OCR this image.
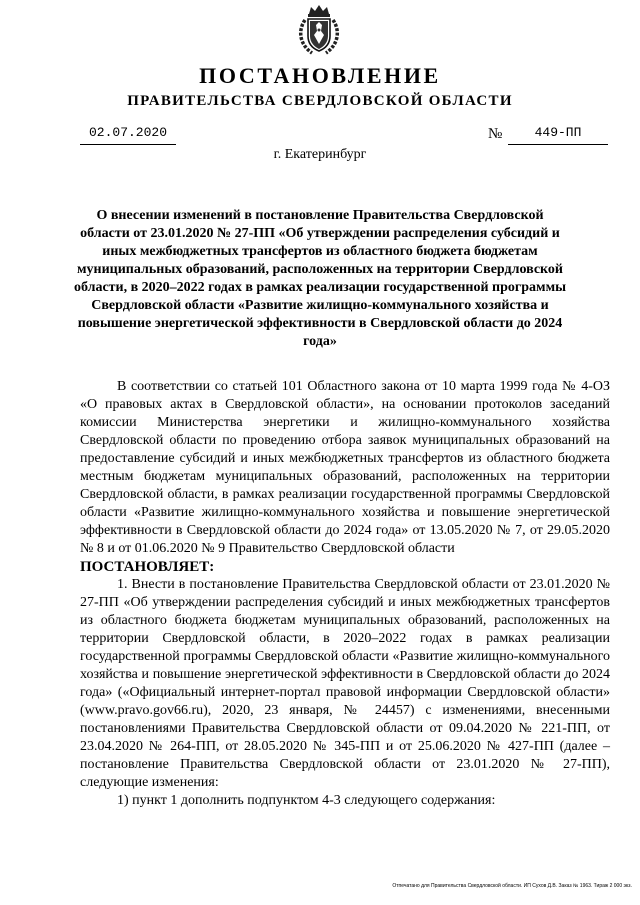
ПОСТАНОВЛЕНИЕ
ПРАВИТЕЛЬСТВА СВЕРДЛОВСКОЙ ОБЛАСТИ
02.07.2020	№	449-ПП
г. Екатеринбург
О внесении изменений в постановление Правительства Свердловской области от 23.01.2020 № 27-ПП «Об утверждении распределения субсидий и иных межбюджетных трансфертов из областного бюджета бюджетам муниципальных образований, расположенных на территории Свердловской области, в 2020–2022 годах в рамках реализации государственной программы Свердловской области «Развитие жилищно-коммунального хозяйства и повышение энергетической эффективности в Свердловской области до 2024 года»

В соответствии со статьей 101 Областного закона от 10 марта 1999 года № 4-ОЗ «О правовых актах в Свердловской области», на основании протоколов заседаний комиссии Министерства энергетики и жилищно-коммунального хозяйства Свердловской области по проведению отбора заявок муниципальных образований на предоставление субсидий и иных межбюджетных трансфертов из областного бюджета местным бюджетам муниципальных образований, расположенных на территории Свердловской области, в рамках реализации государственной программы Свердловской области «Развитие жилищно-коммунального хозяйства и повышение энергетической эффективности в Свердловской области до 2024 года» от 13.05.2020 № 7, от 29.05.2020 № 8 и от 01.06.2020 № 9 Правительство Свердловской области

ПОСТАНОВЛЯЕТ:

1. Внести в постановление Правительства Свердловской области от 23.01.2020 № 27-ПП «Об утверждении распределения субсидий и иных межбюджетных трансфертов из областного бюджета бюджетам муниципальных образований, расположенных на территории Свердловской области, в 2020–2022 годах в рамках реализации государственной программы Свердловской области «Развитие жилищно-коммунального хозяйства и повышение энергетической эффективности в Свердловской области до 2024 года» («Официальный интернет-портал правовой информации Свердловской области» (www.pravo.gov66.ru), 2020, 23 января, № 24457) с изменениями, внесенными постановлениями Правительства Свердловской области от 09.04.2020 № 221-ПП, от 23.04.2020 № 264-ПП, от 28.05.2020 № 345-ПП и от 25.06.2020 № 427-ПП (далее – постановление Правительства Свердловской области от 23.01.2020 № 27-ПП), следующие изменения:

1) пункт 1 дополнить подпунктом 4-3 следующего содержания:

Отпечатано для Правительства Свердловской области. ИП Сухов Д.В. Заказ № 1963. Тираж 2 000 экз.
